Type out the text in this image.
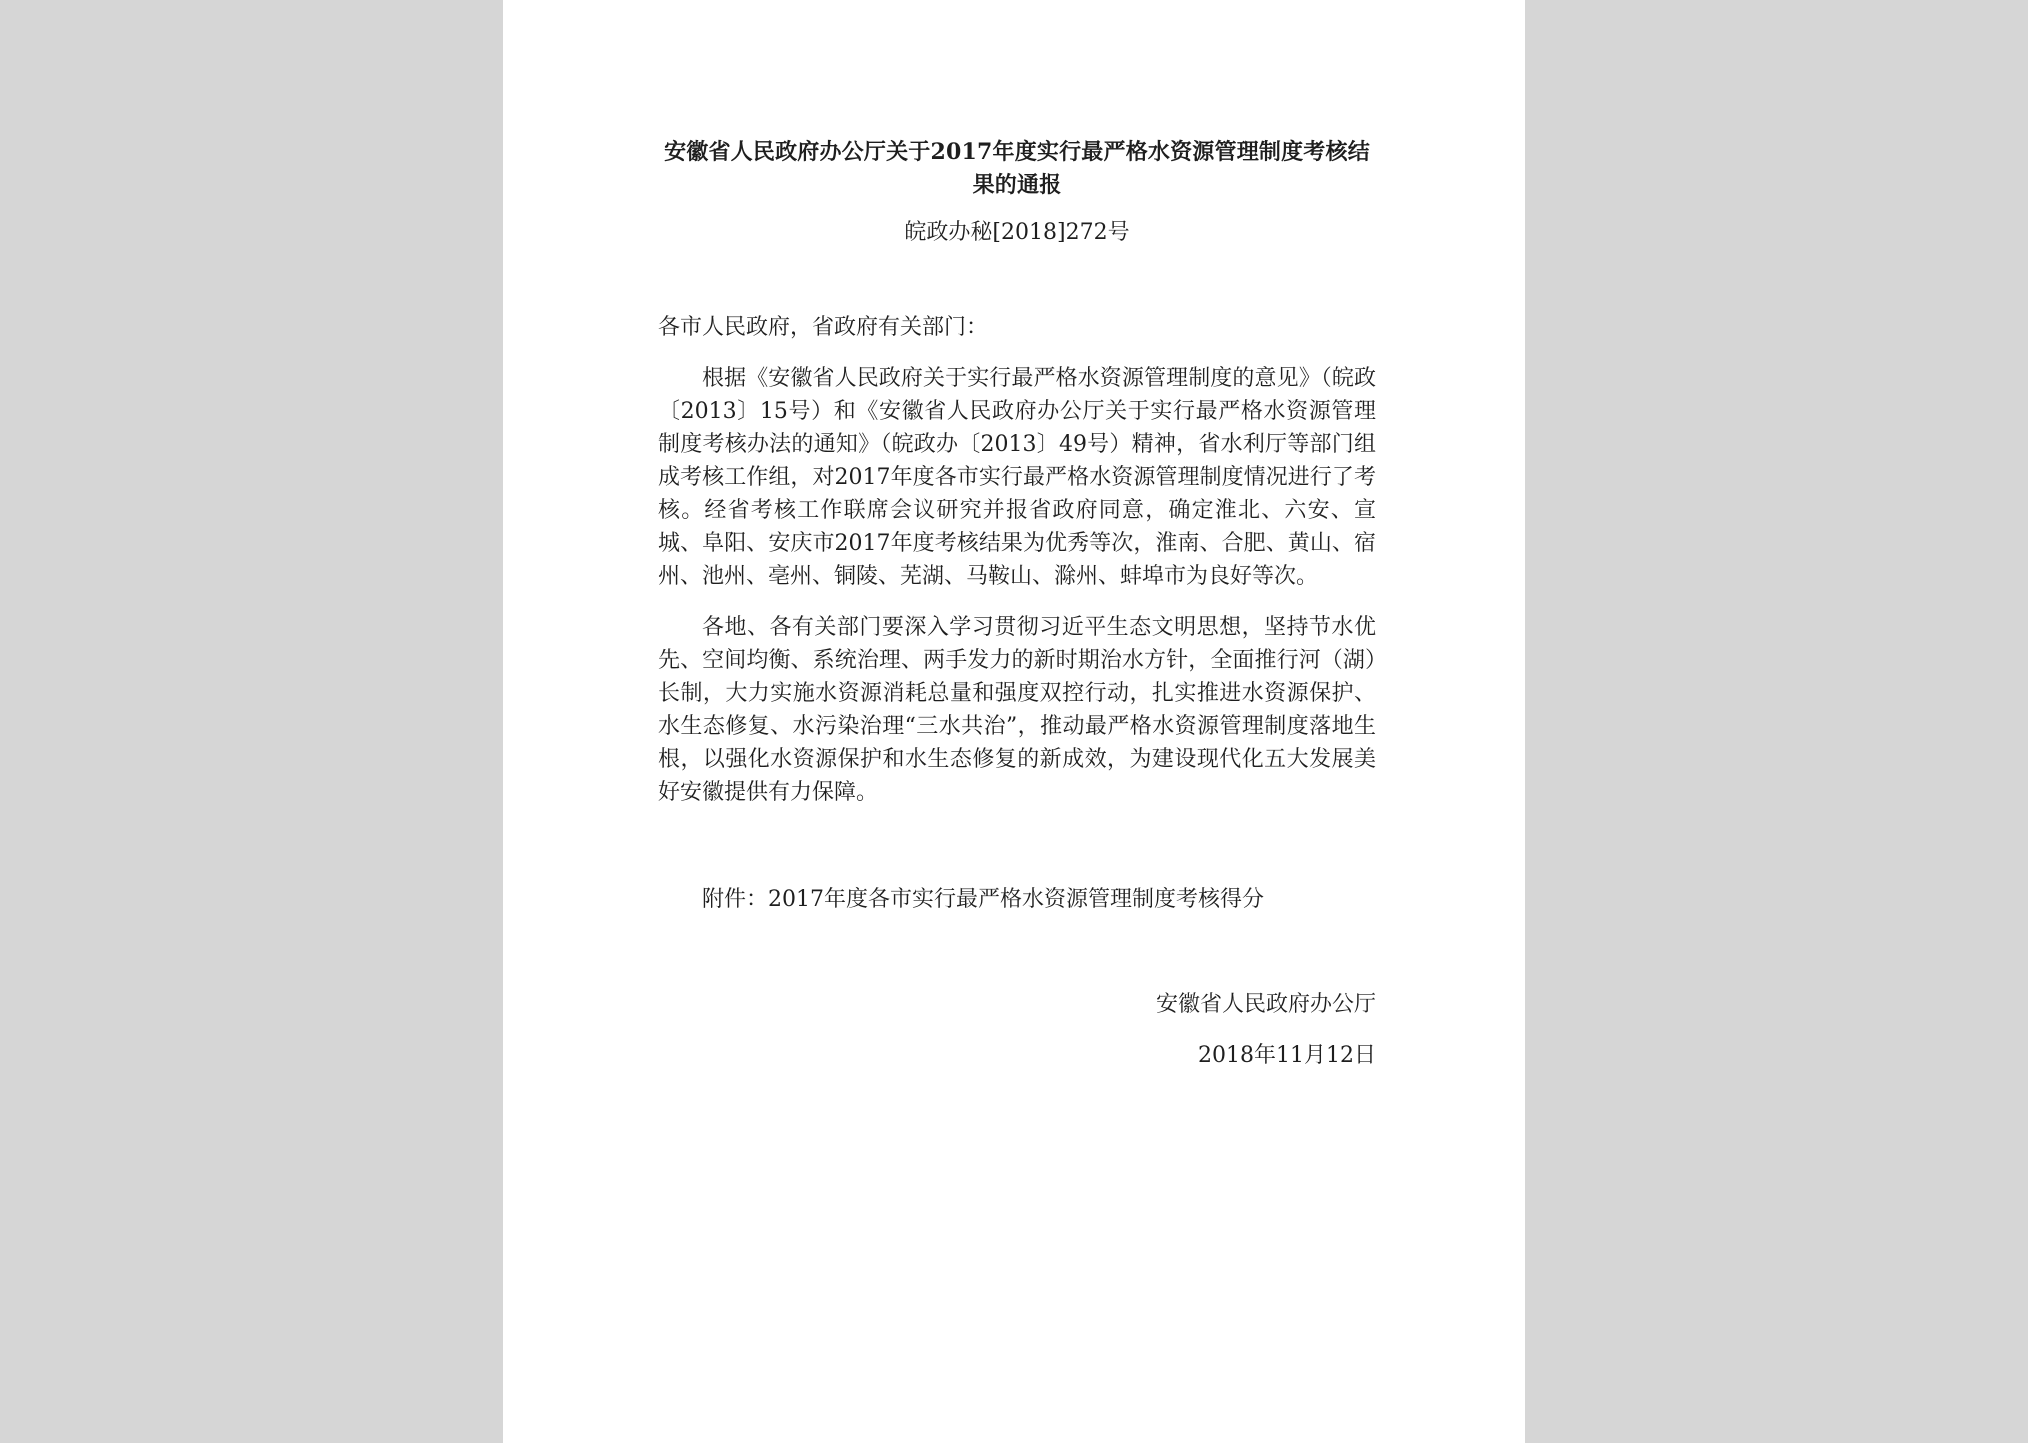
安徽省人民政府办公厅关于2017年度实行最严格水资源管理制度考核结果的通报
皖政办秘[2018]272号

各市人民政府，省政府有关部门：

根据《安徽省人民政府关于实行最严格水资源管理制度的意见》（皖政〔2013〕15号）和《安徽省人民政府办公厅关于实行最严格水资源管理制度考核办法的通知》（皖政办〔2013〕49号）精神，省水利厅等部门组成考核工作组，对2017年度各市实行最严格水资源管理制度情况进行了考核。经省考核工作联席会议研究并报省政府同意，确定淮北、六安、宣城、阜阳、安庆市2017年度考核结果为优秀等次，淮南、合肥、黄山、宿州、池州、亳州、铜陵、芜湖、马鞍山、滁州、蚌埠市为良好等次。

各地、各有关部门要深入学习贯彻习近平生态文明思想，坚持节水优先、空间均衡、系统治理、两手发力的新时期治水方针，全面推行河（湖）长制，大力实施水资源消耗总量和强度双控行动，扎实推进水资源保护、水生态修复、水污染治理“三水共治”，推动最严格水资源管理制度落地生根，以强化水资源保护和水生态修复的新成效，为建设现代化五大发展美好安徽提供有力保障。

附件：2017年度各市实行最严格水资源管理制度考核得分

安徽省人民政府办公厅

2018年11月12日
